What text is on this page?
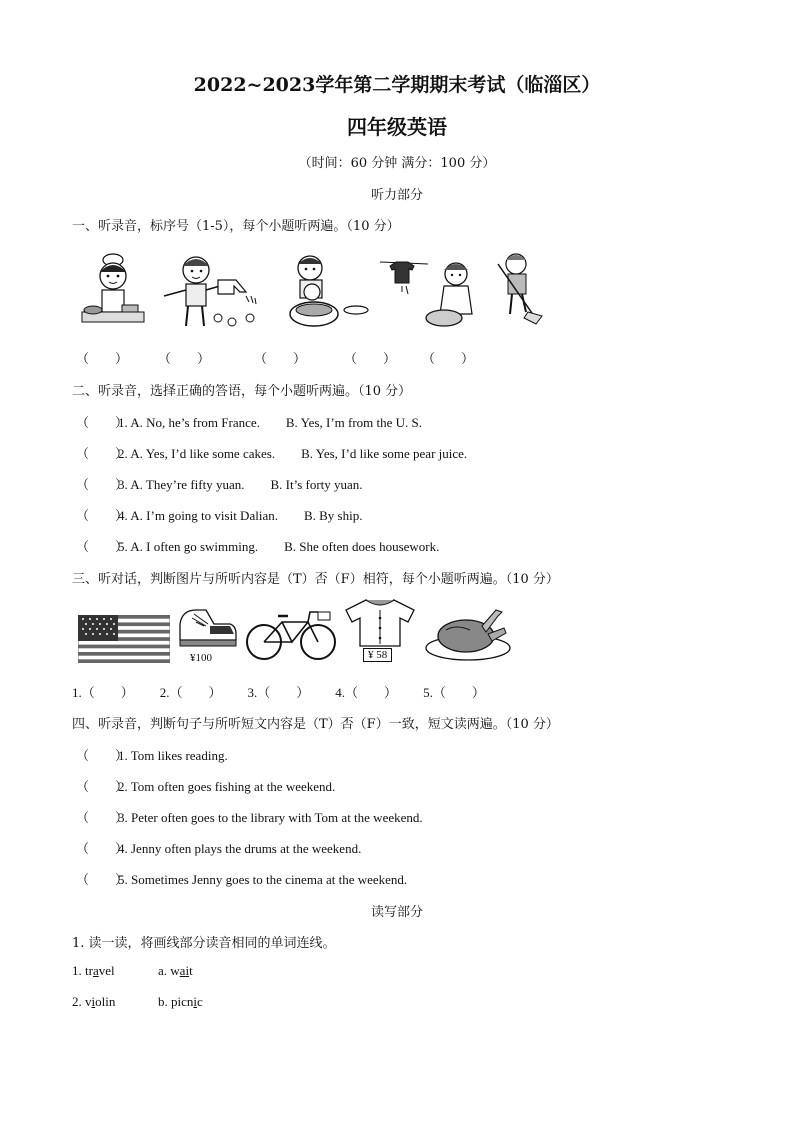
2022~2023学年第二学期期末考试（临淄区）
四年级英语
（时间：60 分钟 满分：100 分）
听力部分
一、听录音，标序号（1-5），每个小题听两遍。（10 分）
（　　） （　　）	（　　）	（　　） （　　）
二、听录音，选择正确的答语，每个小题听两遍。（10 分）
（　　）1. A. No, he’s from France. B. Yes, I’m from the U. S.
（　　）2. A. Yes, I’d like some cakes. B. Yes, I’d like some pear juice.
（　　）3. A. They’re fifty yuan. B. It’s forty yuan.
（　　）4. A. I’m going to visit Dalian. B. By ship.
（　　）5. A. I often go swimming. B. She often does housework.
三、听对话，判断图片与所听内容是（T）否（F）相符，每个小题听两遍。（10 分）
¥100	¥ 58
1.（　　） 2.（　　） 3.（　　） 4.（　　） 5.（　　）
四、听录音，判断句子与所听短文内容是（T）否（F）一致，短文读两遍。（10 分）
（　　）1. Tom likes reading.
（　　）2. Tom often goes fishing at the weekend.
（　　）3. Peter often goes to the library with Tom at the weekend.
（　　）4. Jenny often plays the drums at the weekend.
（　　）5. Sometimes Jenny goes to the cinema at the weekend.
读写部分
1. 读一读，将画线部分读音相同的单词连线。
1. travel	a. wait
2. violin	b. picnic
